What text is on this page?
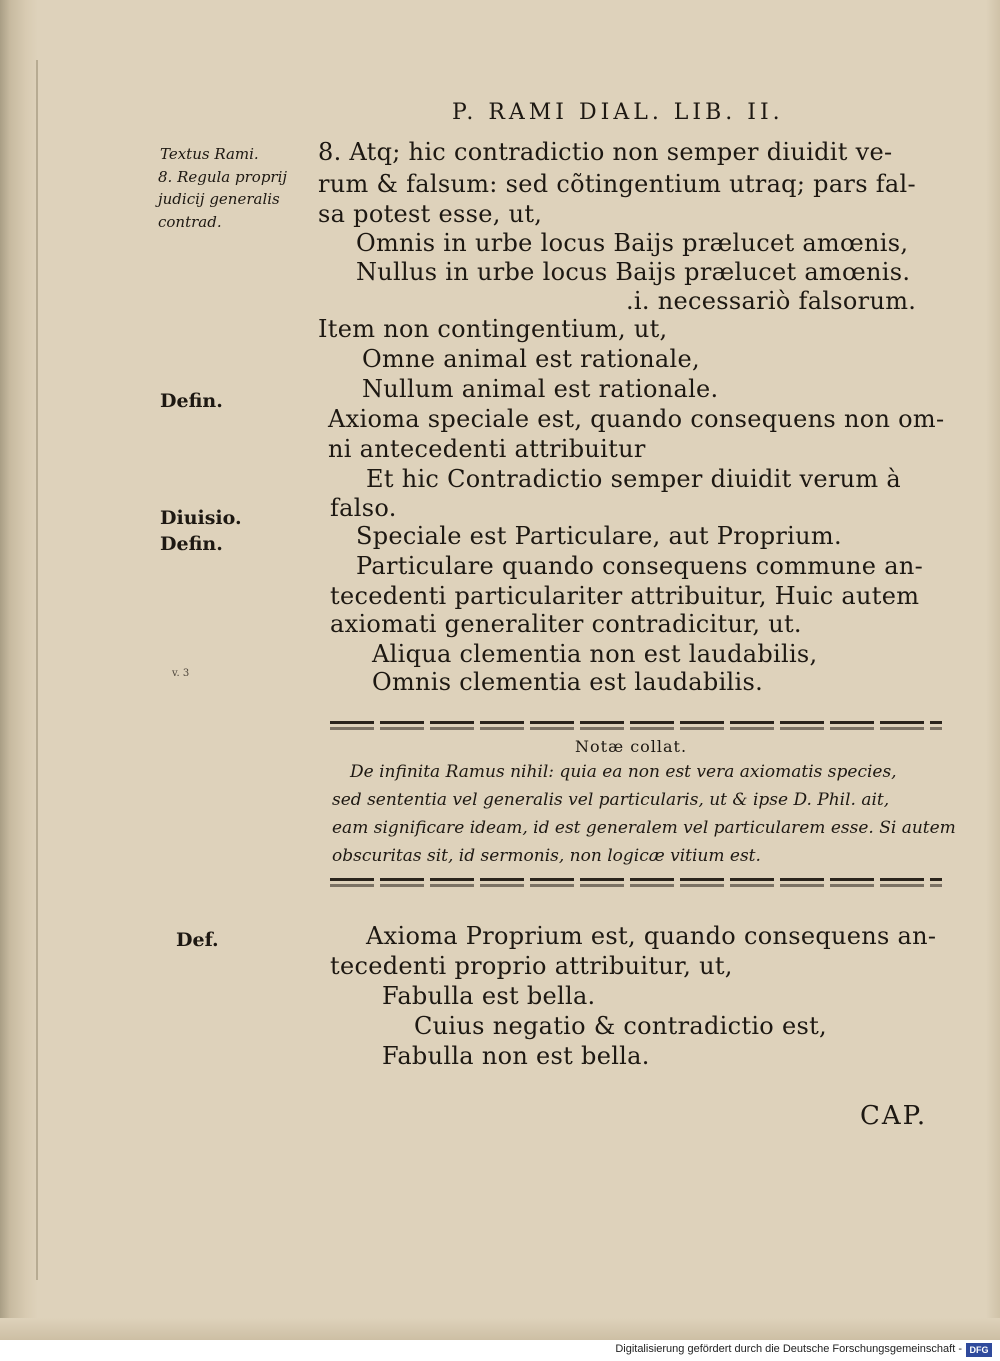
P. RAMI DIAL. LIB. II.
Textus Rami.
8. Regula proprij
judicij generalis
contrad.
Defin.
Diuisio.
Defin.
v. 3
Def.
8. Atq; hic contradictio non semper diuidit ve-
rum & falsum: sed cõtingentium utraq; pars fal-
sa potest esse, ut,
Omnis in urbe locus Baijs prælucet amœnis,
Nullus in urbe locus Baijs prælucet amœnis.
.i. necessariò falsorum.
Item non contingentium, ut,
Omne animal est rationale,
Nullum animal est rationale.
Axioma speciale est, quando consequens non om-
ni antecedenti attribuitur
Et hic Contradictio semper diuidit verum à
falso.
Speciale est Particulare, aut Proprium.
Particulare quando consequens commune an-
tecedenti particulariter attribuitur, Huic autem
axiomati generaliter contradicitur, ut.
Aliqua clementia non est laudabilis,
Omnis clementia est laudabilis.
Notæ collat.
De infinita Ramus nihil: quia ea non est vera axiomatis species,
sed sententia vel generalis vel particularis, ut & ipse D. Phil. ait,
eam significare ideam, id est generalem vel particularem esse. Si autem
obscuritas sit, id sermonis, non logicæ vitium est.
Axioma Proprium est, quando consequens an-
tecedenti proprio attribuitur, ut,
Fabulla est bella.
Cuius negatio & contradictio est,
Fabulla non est bella.
CAP.
Digitalisierung gefördert durch die Deutsche Forschungsgemeinschaft - DFG
